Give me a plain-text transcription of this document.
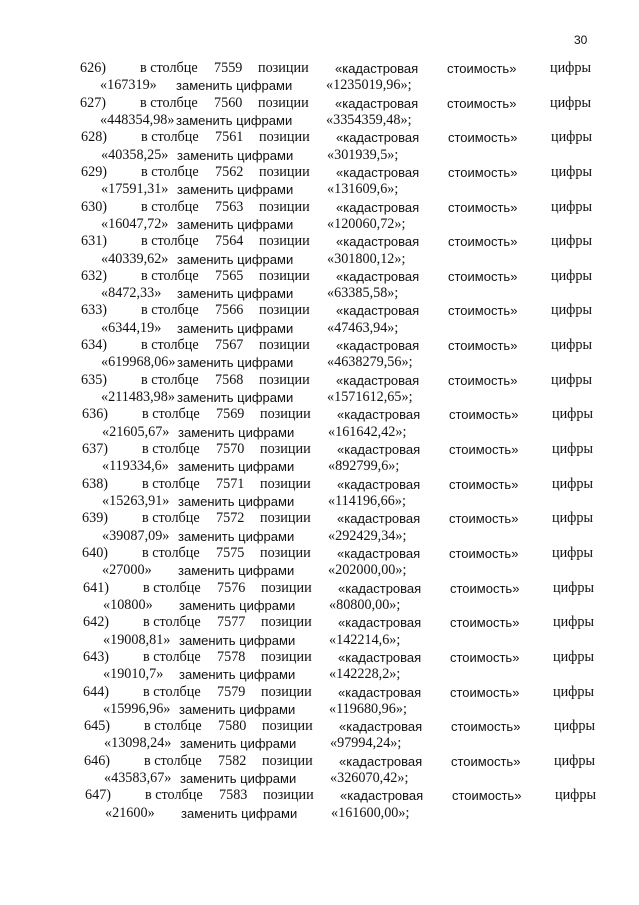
30
626) в столбце 7559 позиции «кадастровая стоимость» цифры
«167319» заменить цифрами «1235019,96»;
627) в столбце 7560 позиции «кадастровая стоимость» цифры
«448354,98» заменить цифрами «3354359,48»;
628) в столбце 7561 позиции «кадастровая стоимость» цифры
«40358,25» заменить цифрами «301939,5»;
629) в столбце 7562 позиции «кадастровая стоимость» цифры
«17591,31» заменить цифрами «131609,6»;
630) в столбце 7563 позиции «кадастровая стоимость» цифры
«16047,72» заменить цифрами «120060,72»;
631) в столбце 7564 позиции «кадастровая стоимость» цифры
«40339,62» заменить цифрами «301800,12»;
632) в столбце 7565 позиции «кадастровая стоимость» цифры
«8472,33» заменить цифрами «63385,58»;
633) в столбце 7566 позиции «кадастровая стоимость» цифры
«6344,19» заменить цифрами «47463,94»;
634) в столбце 7567 позиции «кадастровая стоимость» цифры
«619968,06» заменить цифрами «4638279,56»;
635) в столбце 7568 позиции «кадастровая стоимость» цифры
«211483,98» заменить цифрами «1571612,65»;
636) в столбце 7569 позиции «кадастровая стоимость» цифры
«21605,67» заменить цифрами «161642,42»;
637) в столбце 7570 позиции «кадастровая стоимость» цифры
«119334,6» заменить цифрами «892799,6»;
638) в столбце 7571 позиции «кадастровая стоимость» цифры
«15263,91» заменить цифрами «114196,66»;
639) в столбце 7572 позиции «кадастровая стоимость» цифры
«39087,09» заменить цифрами «292429,34»;
640) в столбце 7575 позиции «кадастровая стоимость» цифры
«27000» заменить цифрами «202000,00»;
641) в столбце 7576 позиции «кадастровая стоимость» цифры
«10800» заменить цифрами «80800,00»;
642) в столбце 7577 позиции «кадастровая стоимость» цифры
«19008,81» заменить цифрами «142214,6»;
643) в столбце 7578 позиции «кадастровая стоимость» цифры
«19010,7» заменить цифрами «142228,2»;
644) в столбце 7579 позиции «кадастровая стоимость» цифры
«15996,96» заменить цифрами «119680,96»;
645) в столбце 7580 позиции «кадастровая стоимость» цифры
«13098,24» заменить цифрами «97994,24»;
646) в столбце 7582 позиции «кадастровая стоимость» цифры
«43583,67» заменить цифрами «326070,42»;
647) в столбце 7583 позиции «кадастровая стоимость» цифры
«21600» заменить цифрами «161600,00»;
